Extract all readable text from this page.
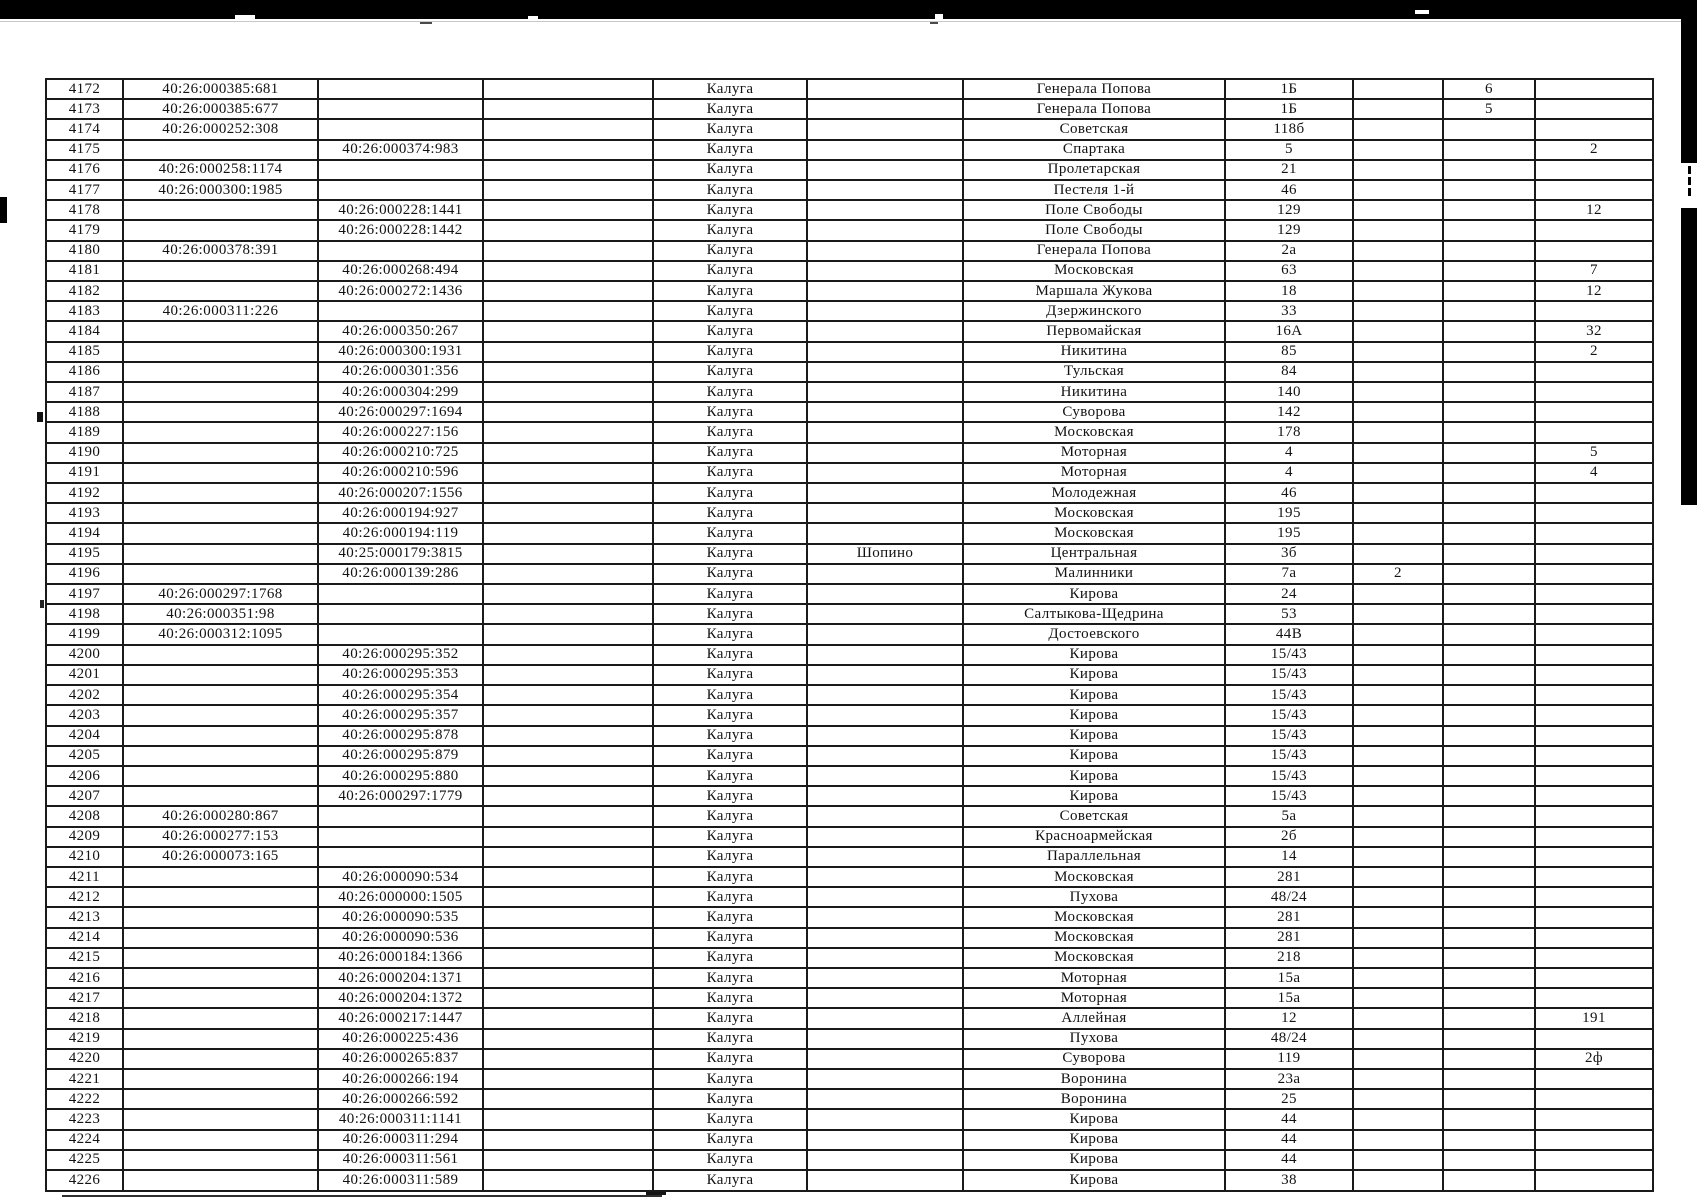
4172	40:26:000385:681			Калуга		Генерала Попова	1Б		6	
4173	40:26:000385:677			Калуга		Генерала Попова	1Б		5	
4174	40:26:000252:308			Калуга		Советская	118б			
4175		40:26:000374:983		Калуга		Спартака	5			2
4176	40:26:000258:1174			Калуга		Пролетарская	21			
4177	40:26:000300:1985			Калуга		Пестеля 1-й	46			
4178		40:26:000228:1441		Калуга		Поле Свободы	129			12
4179		40:26:000228:1442		Калуга		Поле Свободы	129			
4180	40:26:000378:391			Калуга		Генерала Попова	2а			
4181		40:26:000268:494		Калуга		Московская	63			7
4182		40:26:000272:1436		Калуга		Маршала Жукова	18			12
4183	40:26:000311:226			Калуга		Дзержинского	33			
4184		40:26:000350:267		Калуга		Первомайская	16А			32
4185		40:26:000300:1931		Калуга		Никитина	85			2
4186		40:26:000301:356		Калуга		Тульская	84			
4187		40:26:000304:299		Калуга		Никитина	140			
4188		40:26:000297:1694		Калуга		Суворова	142			
4189		40:26:000227:156		Калуга		Московская	178			
4190		40:26:000210:725		Калуга		Моторная	4			5
4191		40:26:000210:596		Калуга		Моторная	4			4
4192		40:26:000207:1556		Калуга		Молодежная	46			
4193		40:26:000194:927		Калуга		Московская	195			
4194		40:26:000194:119		Калуга		Московская	195			
4195		40:25:000179:3815		Калуга	Шопино	Центральная	3б			
4196		40:26:000139:286		Калуга		Малинники	7а	2		
4197	40:26:000297:1768			Калуга		Кирова	24			
4198	40:26:000351:98			Калуга		Салтыкова-Щедрина	53			
4199	40:26:000312:1095			Калуга		Достоевского	44В			
4200		40:26:000295:352		Калуга		Кирова	15/43			
4201		40:26:000295:353		Калуга		Кирова	15/43			
4202		40:26:000295:354		Калуга		Кирова	15/43			
4203		40:26:000295:357		Калуга		Кирова	15/43			
4204		40:26:000295:878		Калуга		Кирова	15/43			
4205		40:26:000295:879		Калуга		Кирова	15/43			
4206		40:26:000295:880		Калуга		Кирова	15/43			
4207		40:26:000297:1779		Калуга		Кирова	15/43			
4208	40:26:000280:867			Калуга		Советская	5а			
4209	40:26:000277:153			Калуга		Красноармейская	2б			
4210	40:26:000073:165			Калуга		Параллельная	14			
4211		40:26:000090:534		Калуга		Московская	281			
4212		40:26:000000:1505		Калуга		Пухова	48/24			
4213		40:26:000090:535		Калуга		Московская	281			
4214		40:26:000090:536		Калуга		Московская	281			
4215		40:26:000184:1366		Калуга		Московская	218			
4216		40:26:000204:1371		Калуга		Моторная	15а			
4217		40:26:000204:1372		Калуга		Моторная	15а			
4218		40:26:000217:1447		Калуга		Аллейная	12			191
4219		40:26:000225:436		Калуга		Пухова	48/24			
4220		40:26:000265:837		Калуга		Суворова	119			2ф
4221		40:26:000266:194		Калуга		Воронина	23а			
4222		40:26:000266:592		Калуга		Воронина	25			
4223		40:26:000311:1141		Калуга		Кирова	44			
4224		40:26:000311:294		Калуга		Кирова	44			
4225		40:26:000311:561		Калуга		Кирова	44			
4226		40:26:000311:589		Калуга		Кирова	38			
